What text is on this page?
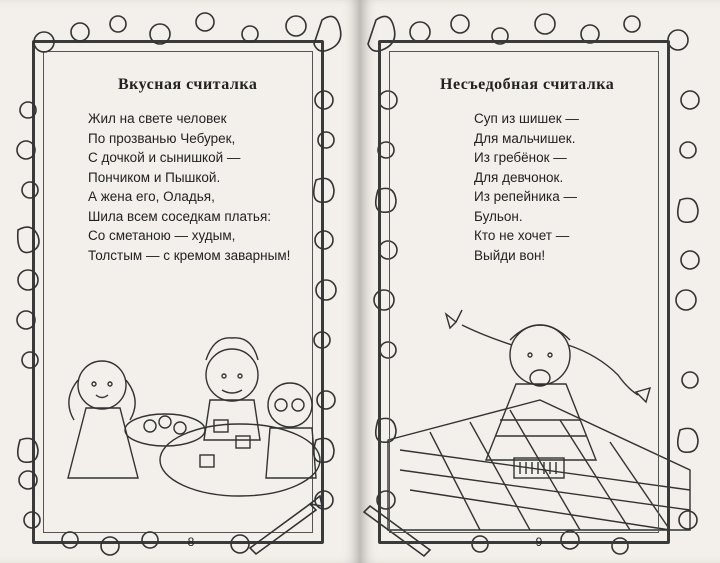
Вкусная считалка
Жил на свете человек
По прозванью Чебурек,
С дочкой и сынишкой —
Пончиком и Пышкой.
А жена его, Оладья,
Шила всем соседкам платья:
Со сметаною — худым,
Толстым — с кремом заварным!
8
Несъедобная считалка
Суп из шишек —
Для мальчишек.
Из гребёнок —
Для девчонок.
Из репейника —
Бульон.
Кто не хочет —
Выйди вон!
9
